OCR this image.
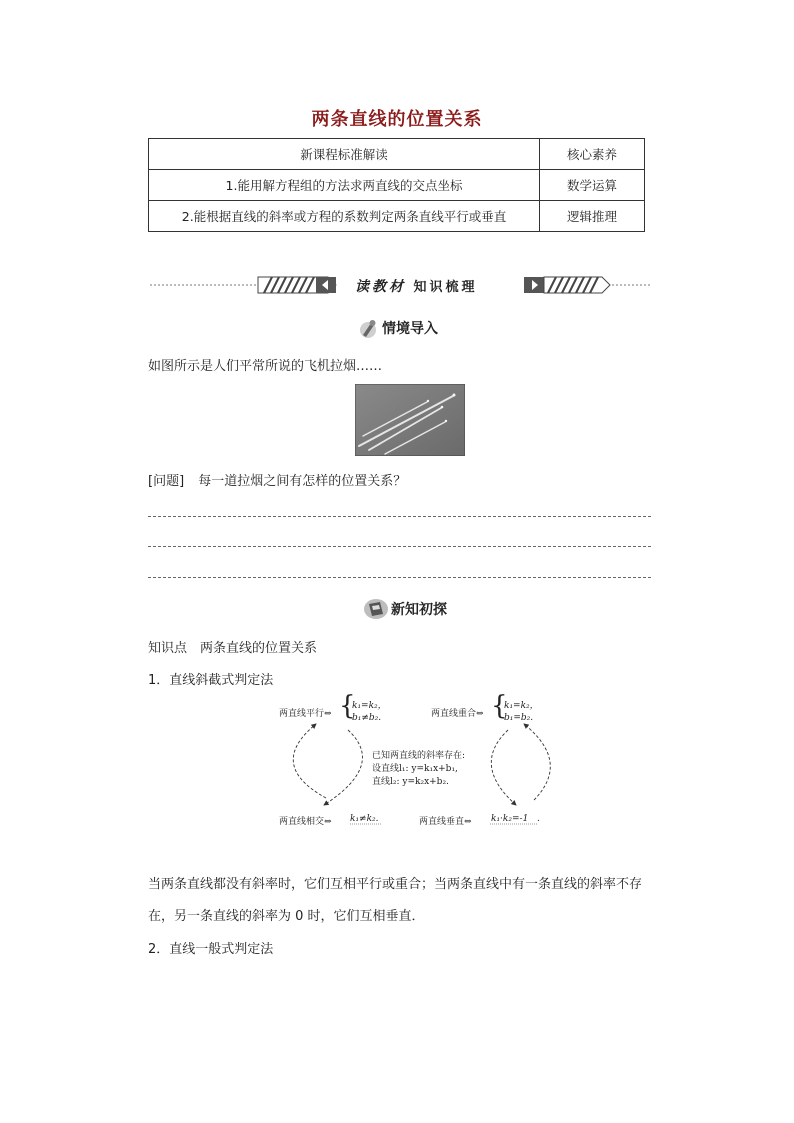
两条直线的位置关系
新课程标准解读	核心素养
1.能用解方程组的方法求两直线的交点坐标	数学运算
2.能根据直线的斜率或方程的系数判定两条直线平行或垂直	逻辑推理
读教材 知识梳理
情境导入
如图所示是人们平常所说的飞机拉烟……
[问题] 每一道拉烟之间有怎样的位置关系？
新知初探
知识点　两条直线的位置关系
1．直线斜截式判定法
两直线平行⇔ {
k₁=k₂，
b₁≠b₂.	两直线重合⇔ {
k₁=k₂，
b₁=b₂.
已知两直线的斜率存在:
设直线l₁: y=k₁x+b₁,
直线l₂: y=k₂x+b₂.
两直线相交⇔ k₁≠k₂.	两直线垂直⇔ k₁·k₂=-1 .
当两条直线都没有斜率时，它们互相平行或重合；当两条直线中有一条直线的斜率不存
在，另一条直线的斜率为 0 时，它们互相垂直．
2．直线一般式判定法
